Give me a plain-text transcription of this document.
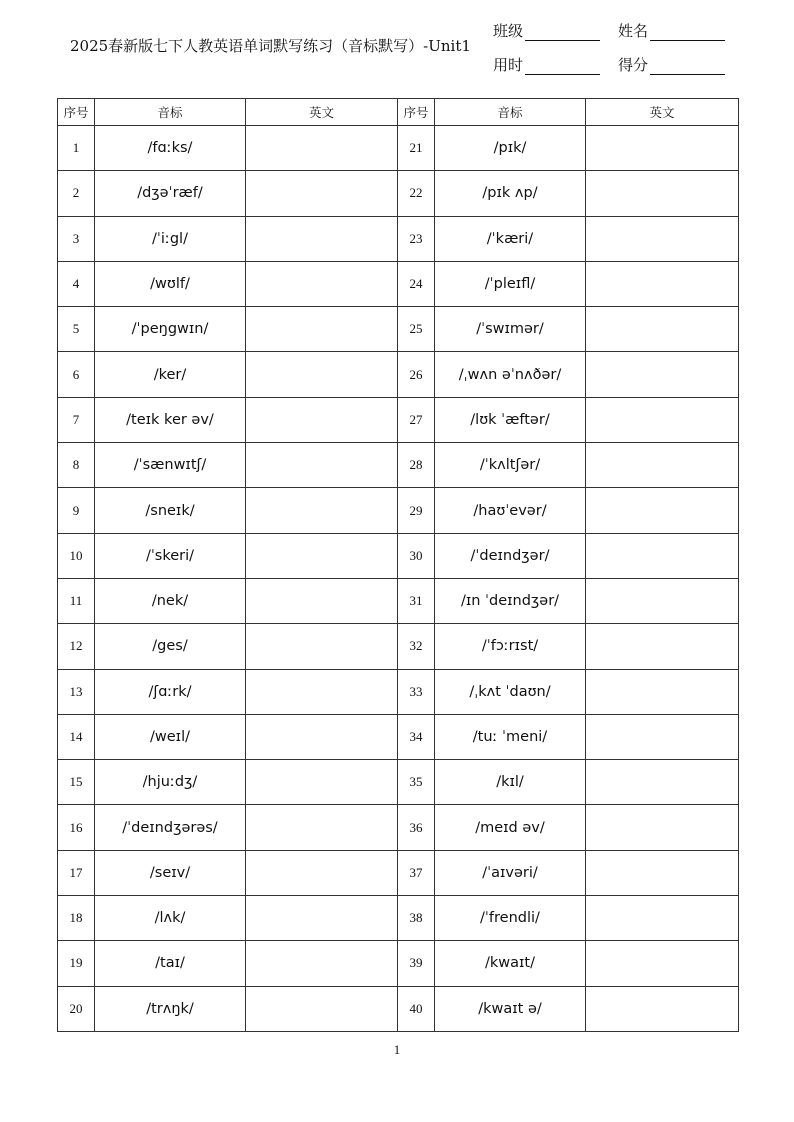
2025春新版七下人教英语单词默写练习（音标默写）-Unit1
班级	姓名
用时	得分
序号	音标	英文	序号	音标	英文
1	/fɑːks/		21	/pɪk/	
2	/dʒəˈræf/		22	/pɪk ʌp/	
3	/ˈiːgl/		23	/ˈkæri/	
4	/wʊlf/		24	/ˈpleɪfl/	
5	/ˈpeŋgwɪn/		25	/ˈswɪmər/	
6	/ker/		26	/ˌwʌn əˈnʌðər/	
7	/teɪk ker əv/		27	/lʊk ˈæftər/	
8	/ˈsænwɪtʃ/		28	/ˈkʌltʃər/	
9	/sneɪk/		29	/haʊˈevər/	
10	/ˈskeri/		30	/ˈdeɪndʒər/	
11	/nek/		31	/ɪn ˈdeɪndʒər/	
12	/ges/		32	/ˈfɔːrɪst/	
13	/ʃɑːrk/		33	/ˌkʌt ˈdaʊn/	
14	/weɪl/		34	/tuː ˈmeni/	
15	/hjuːdʒ/		35	/kɪl/	
16	/ˈdeɪndʒərəs/		36	/meɪd əv/	
17	/seɪv/		37	/ˈaɪvəri/	
18	/lʌk/		38	/ˈfrendli/	
19	/taɪ/		39	/kwaɪt/	
20	/trʌŋk/		40	/kwaɪt ə/	
1
